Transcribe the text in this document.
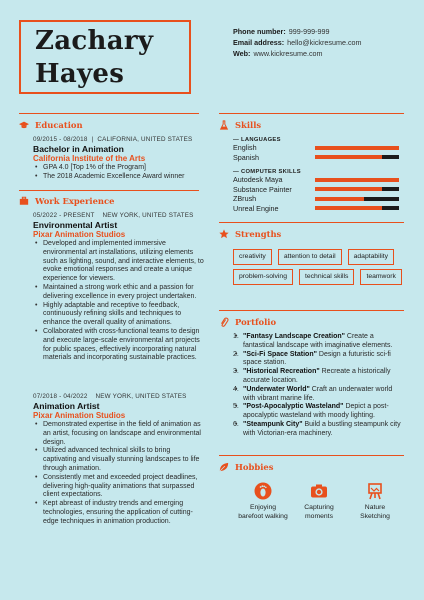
Zachary
Hayes
Phone number: 999-999-999
Email address: hello@kickresume.com
Web: www.kickresume.com
Education
09/2015 - 08/2018 | CALIFORNIA, UNITED STATES
Bachelor in Animation
California Institute of the Arts
• GPA 4.0 [Top 1% of the Program]
• The 2018 Academic Excellence Award winner
Work Experience
05/2022 - PRESENT NEW YORK, UNITED STATES
Environmental Artist
Pixar Animation Studios
• Developed and implemented immersive environmental art installations, utilizing elements such as lighting, sound, and interactive elements, to evoke emotional responses and create a unique experience for viewers.
• Maintained a strong work ethic and a passion for delivering excellence in every project undertaken.
• Highly adaptable and receptive to feedback, continuously refining skills and techniques to enhance the overall quality of animations.
• Collaborated with cross-functional teams to design and execute large-scale environmental art projects for public spaces, effectively incorporating natural materials and incorporating sustainable practices.
07/2018 - 04/2022 NEW YORK, UNITED STATES
Animation Artist
Pixar Animation Studios
• Demonstrated expertise in the field of animation as an artist, focusing on landscape and environmental design.
• Utilized advanced technical skills to bring captivating and visually stunning landscapes to life through animation.
• Consistently met and exceeded project deadlines, delivering high-quality animations that surpassed client expectations.
• Kept abreast of industry trends and emerging technologies, ensuring the application of cutting-edge techniques in animation production.
Skills
— LANGUAGES
English
Spanish
— COMPUTER SKILLS
Autodesk Maya
Substance Painter
ZBrush
Unreal Engine
Strengths
creativity	attention to detail	adaptability
problem-solving	technical skills	teamwork
Portfolio
• 1. "Fantasy Landscape Creation" Create a fantastical landscape with imaginative elements.
• 2. "Sci-Fi Space Station" Design a futuristic sci-fi space station.
• 3. "Historical Recreation" Recreate a historically accurate location.
• 4. "Underwater World" Craft an underwater world with vibrant marine life.
• 5. "Post-Apocalyptic Wasteland" Depict a post-apocalyptic wasteland with moody lighting.
• 6. "Steampunk City" Build a bustling steampunk city with Victorian-era machinery.
Hobbies
Enjoying barefoot walking
Capturing moments
Nature Sketching
